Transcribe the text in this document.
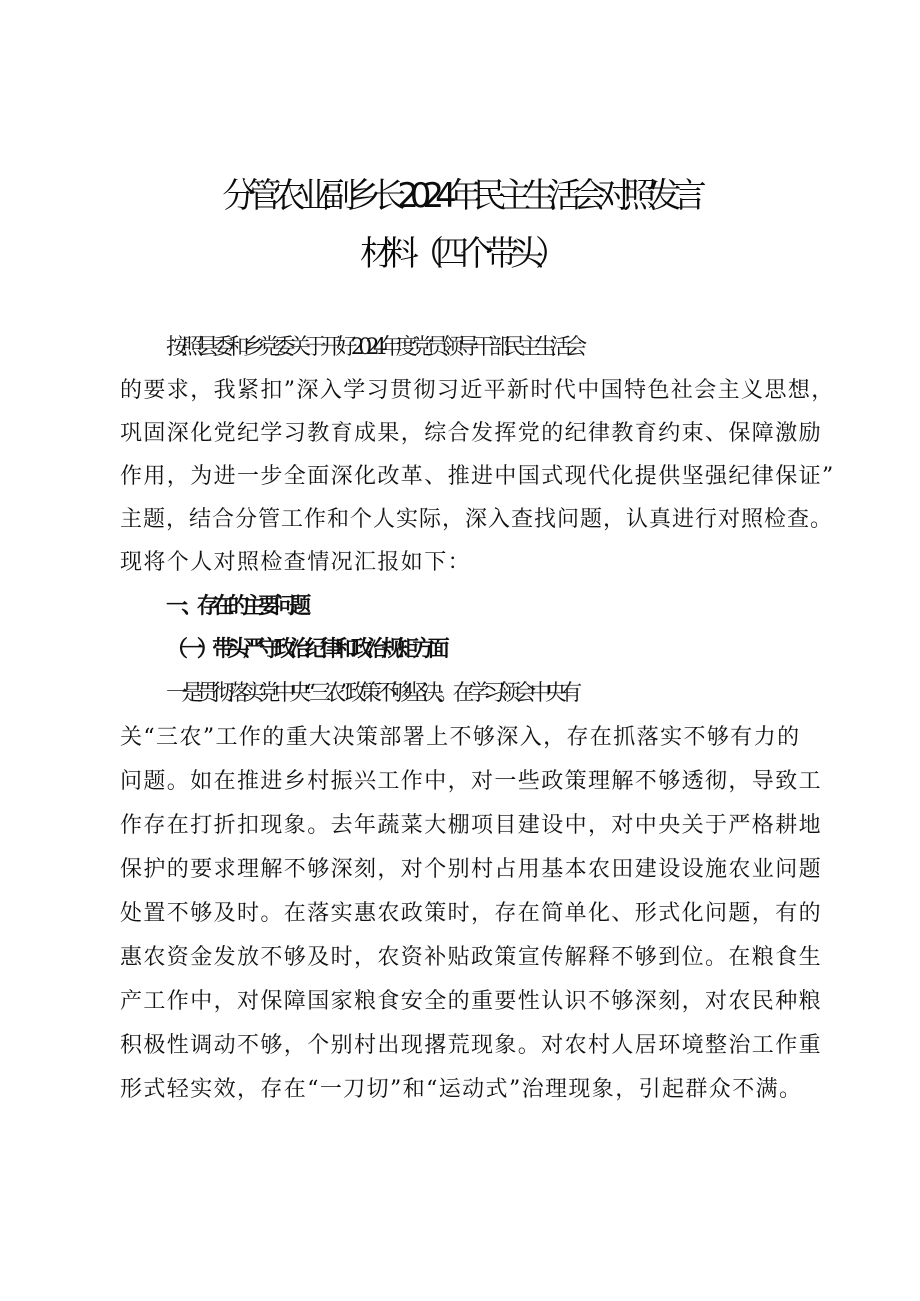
分管农业副乡长2024年民主生活会对照发言
材料（四个带头）
按照县委和乡党委关于开好2024年度党员领导干部民主生活会
的要求，我紧扣”深入学习贯彻习近平新时代中国特色社会主义思想，
巩固深化党纪学习教育成果，综合发挥党的纪律教育约束、保障激励
作用，为进一步全面深化改革、推进中国式现代化提供坚强纪律保证”
主题，结合分管工作和个人实际，深入查找问题，认真进行对照检查。
现将个人对照检查情况汇报如下：
一、存在的主要问题
（一）带头严守政治纪律和政治规矩方面
一是贯彻落实党中央“三农”政策不够坚决。在学习领会中央有
关“三农”工作的重大决策部署上不够深入，存在抓落实不够有力的
问题。如在推进乡村振兴工作中，对一些政策理解不够透彻，导致工
作存在打折扣现象。去年蔬菜大棚项目建设中，对中央关于严格耕地
保护的要求理解不够深刻，对个别村占用基本农田建设设施农业问题
处置不够及时。在落实惠农政策时，存在简单化、形式化问题，有的
惠农资金发放不够及时，农资补贴政策宣传解释不够到位。在粮食生
产工作中，对保障国家粮食安全的重要性认识不够深刻，对农民种粮
积极性调动不够，个别村出现撂荒现象。对农村人居环境整治工作重
形式轻实效，存在“一刀切”和“运动式”治理现象，引起群众不满。
